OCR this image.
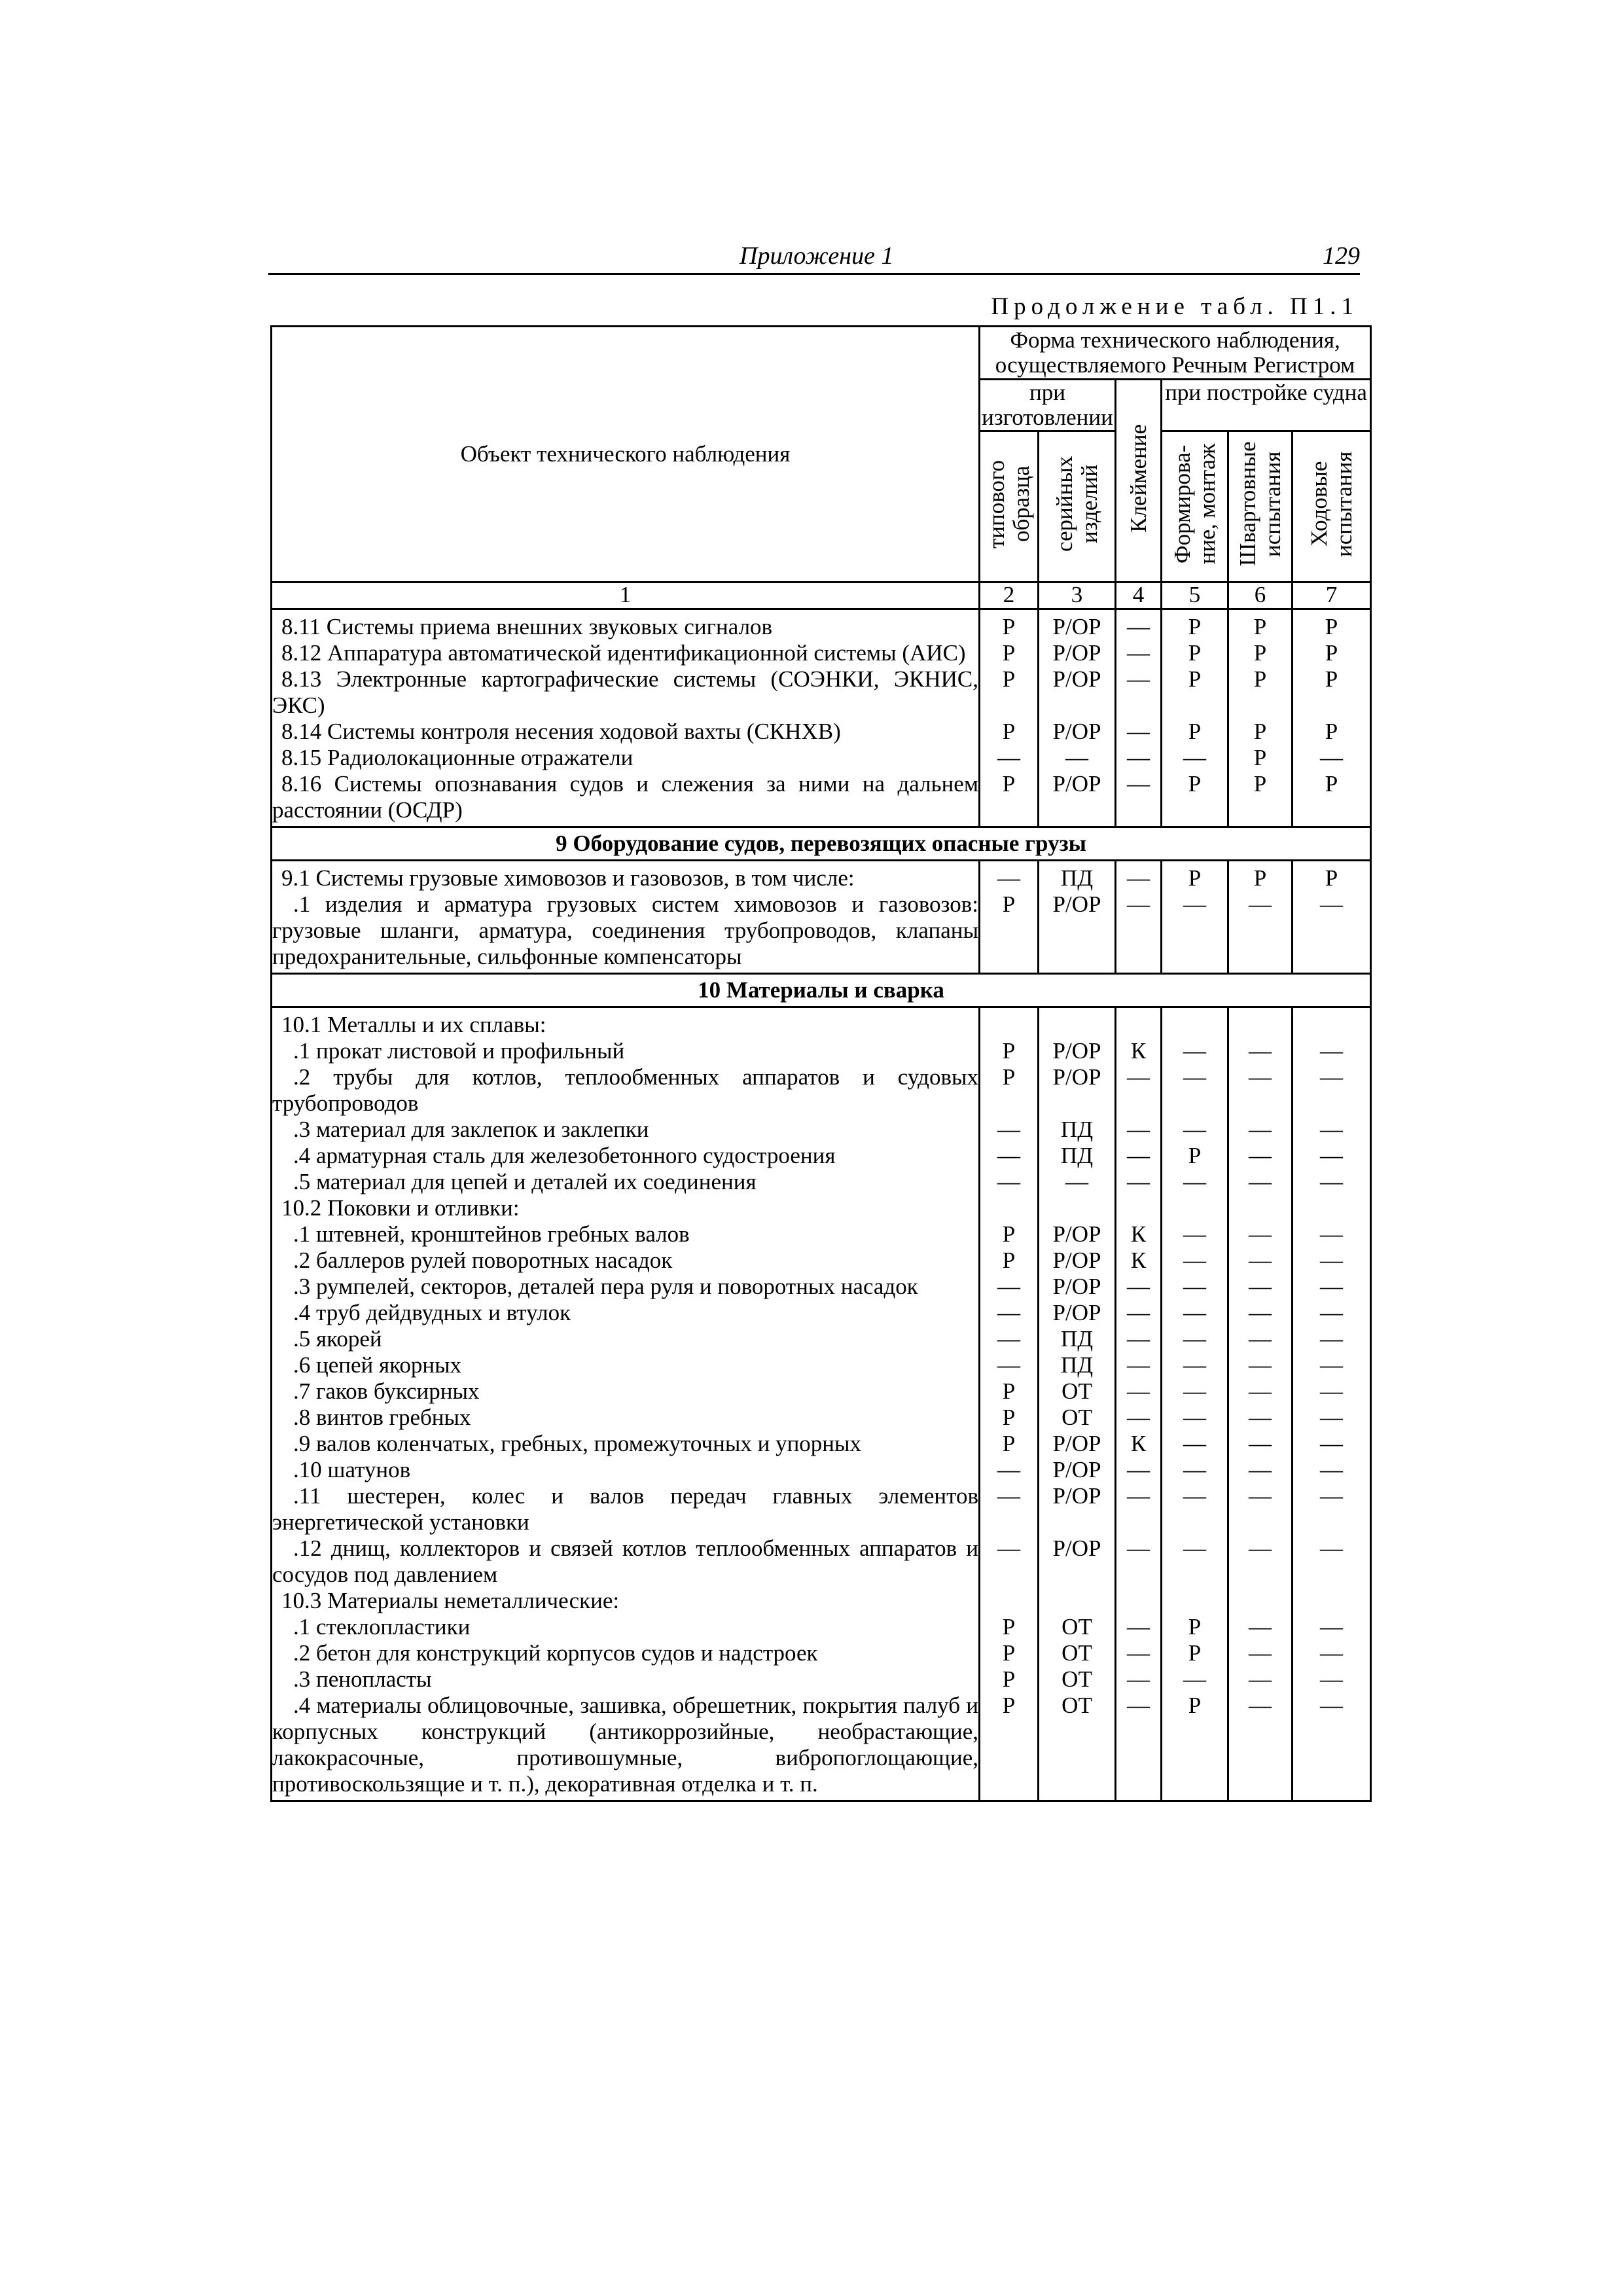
Приложение 1	129
Продолжение табл. П1.1
Объект технического наблюдения	Форма технического наблюдения, осуществляемого Речным Регистром					
	при изготовлении		Клеймение	при постройке судна		
	типового образца	серийных изделий		Формирова-ние, монтаж	Швартовные испытания	Ходовые испытания
1	2	3	4	5	6	7

8.11 Системы приема внешних звуковых сигналов	Р	Р/ОР	—	Р	Р	Р

8.12 Аппаратура автоматической идентификационной системы (АИС)	Р	Р/ОР	—	Р	Р	Р

8.13 Электронные картографические системы (СОЭНКИ, ЭКНИС, ЭКС)	Р	Р/ОР	—	Р	Р	Р

8.14 Системы контроля несения ходовой вахты (СКНХВ)	Р	Р/ОР	—	Р	Р	Р

8.15 Радиолокационные отражатели	—	—	—	—	Р	—

8.16 Системы опознавания судов и слежения за ними на дальнем расстоянии (ОСДР)	Р	Р/ОР	—	Р	Р	Р
9 Оборудование судов, перевозящих опасные грузы						

9.1 Системы грузовые химовозов и газовозов, в том числе:	—	ПД	—	Р	Р	Р

.1 изделия и арматура грузовых систем химовозов и газовозов: грузовые шланги, арматура, соединения трубопроводов, клапаны предохранительные, сильфонные компенсаторы	Р	Р/ОР	—	—	—	—
10 Материалы и сварка						

10.1 Металлы и их сплавы:						

.1 прокат листовой и профильный	Р	Р/ОР	К	—	—	—

.2 трубы для котлов, теплообменных аппаратов и судовых трубопроводов	Р	Р/ОР	—	—	—	—

.3 материал для заклепок и заклепки	—	ПД	—	—	—	—

.4 арматурная сталь для железобетонного судостроения	—	ПД	—	Р	—	—

.5 материал для цепей и деталей их соединения	—	—	—	—	—	—

10.2 Поковки и отливки:						

.1 штевней, кронштейнов гребных валов	Р	Р/ОР	К	—	—	—

.2 баллеров рулей поворотных насадок	Р	Р/ОР	К	—	—	—

.3 румпелей, секторов, деталей пера руля и поворотных насадок	—	Р/ОР	—	—	—	—

.4 труб дейдвудных и втулок	—	Р/ОР	—	—	—	—

.5 якорей	—	ПД	—	—	—	—

.6 цепей якорных	—	ПД	—	—	—	—

.7 гаков буксирных	Р	ОТ	—	—	—	—

.8 винтов гребных	Р	ОТ	—	—	—	—

.9 валов коленчатых, гребных, промежуточных и упорных	Р	Р/ОР	К	—	—	—

.10 шатунов	—	Р/ОР	—	—	—	—

.11 шестерен, колес и валов передач главных элементов энергетической установки	—	Р/ОР	—	—	—	—

.12 днищ, коллекторов и связей котлов теплообменных аппаратов и сосудов под давлением	—	Р/ОР	—	—	—	—

10.3 Материалы неметаллические:						

.1 стеклопластики	Р	ОТ	—	Р	—	—

.2 бетон для конструкций корпусов судов и надстроек	Р	ОТ	—	Р	—	—

.3 пенопласты	Р	ОТ	—	—	—	—

.4 материалы облицовочные, зашивка, обрешетник, покрытия палуб и корпусных конструкций (антикоррозийные, необрастающие, лакокрасочные, противошумные, вибропоглощающие, противоскользящие и т. п.), декоративная отделка и т. п.	Р	ОТ	—	Р	—	—
